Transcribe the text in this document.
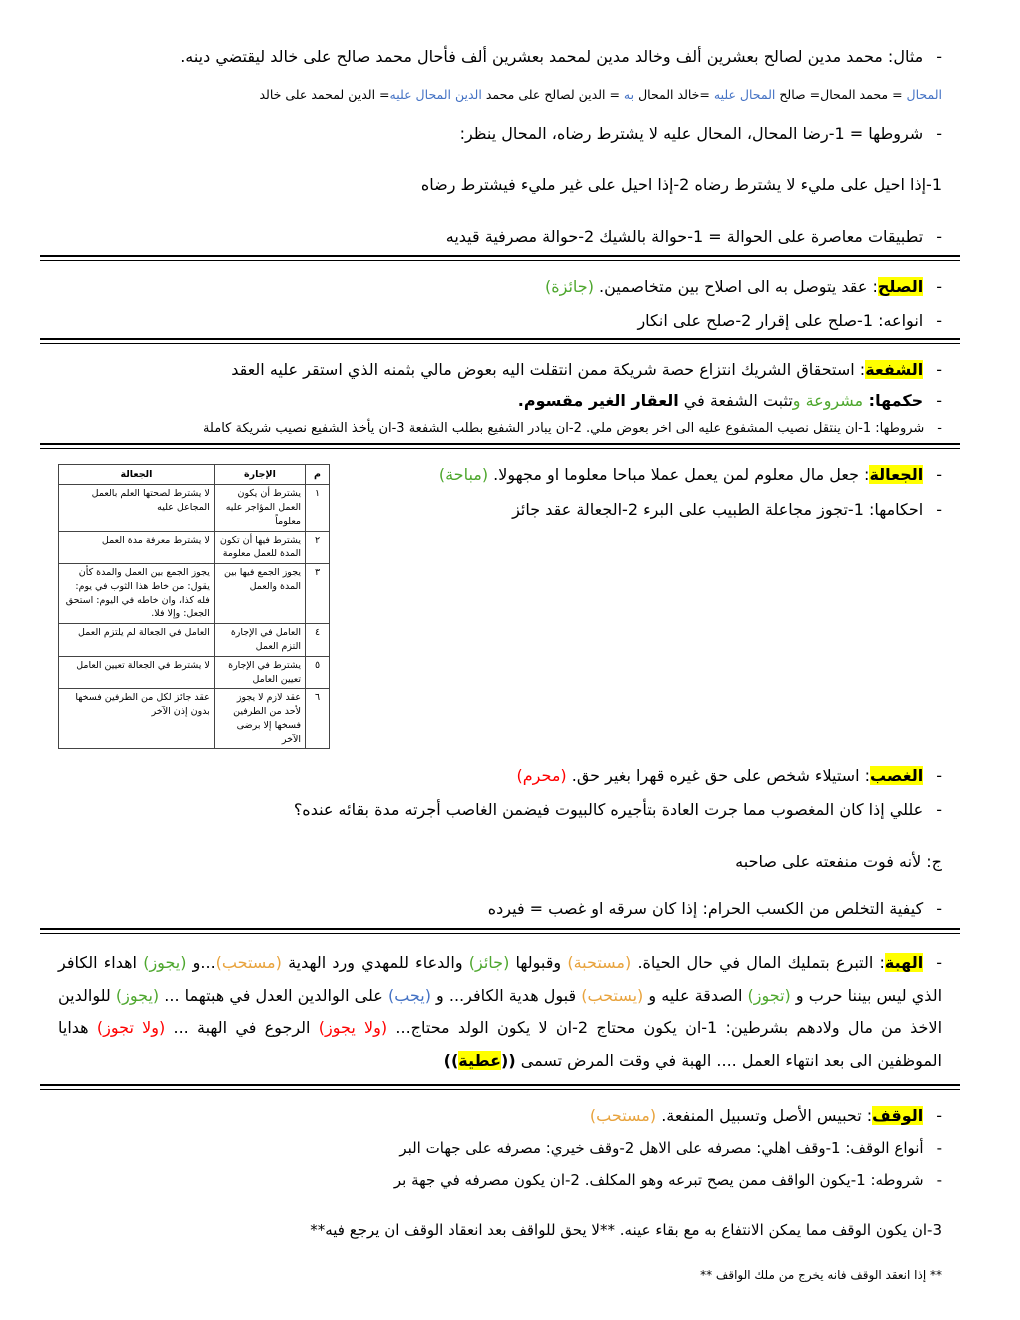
-مثال: محمد مدين لصالح بعشرين ألف وخالد مدين لمحمد بعشرين ألف فأحال محمد صالح على خالد ليقتضي دينه.

المحال = محمد المحال= صالح المحال عليه =خالد المحال به = الدين لصالح على محمد الدين المحال عليه= الدين لمحمد على خالد

-شروطها = 1-رضا المحال، المحال عليه لا يشترط رضاه، المحال ينظر:

1-إذا احيل على مليء لا يشترط رضاه 2-إذا احيل على غير مليء فيشترط رضاه

-تطبيقات معاصرة على الحوالة = 1-حوالة بالشيك 2-حوالة مصرفية قيديه

-الصلح: عقد يتوصل به الى اصلاح بين متخاصمين. (جائزة)

-انواعه: 1-صلح على إقرار 2-صلح على انكار

-الشفعة: استحقاق الشريك انتزاع حصة شريكة ممن انتقلت اليه بعوض مالي بثمنه الذي استقر عليه العقد

-حكمها: مشروعة وتثبت الشفعة في العقار الغير مقسوم.

-شروطها: 1-ان ينتقل نصيب المشفوع عليه الى اخر بعوض ملي. 2-ان يبادر الشفيع بطلب الشفعة 3-ان يأخذ الشفيع نصيب شريكة كاملة

-الجعالة: جعل مال معلوم لمن يعمل عملا مباحا معلوما او مجهولا. (مباحة)

-احكامها: 1-تجوز مجاعلة الطبيب على البرء 2-الجعالة عقد جائز

م	الإجارة	الجعالة
١	يشترط أن يكون العمل المؤاجر عليه معلوماً	لا يشترط لصحتها العلم بالعمل المجاعل عليه
٢	يشترط فيها أن تكون المدة للعمل معلومة	لا يشترط معرفة مدة العمل
٣	يجوز الجمع فيها بين المدة والعمل	يجوز الجمع بين العمل والمدة كأن يقول: من خاط هذا الثوب في يوم: فله كذا، وان خاطه في اليوم: استحق الجعل: وإلا فلا.
٤	العامل في الإجارة التزم العمل	العامل في الجعالة لم يلتزم العمل
٥	يشترط في الإجارة تعيين العامل	لا يشترط في الجعالة تعيين العامل
٦	عقد لازم لا يجوز لأحد من الطرفين فسخها إلا برضى الآخر	عقد جائز لكل من الطرفين فسخها بدون إذن الآخر

-الغصب: استيلاء شخص على حق غيره قهرا بغير حق. (محرم)

-عللي إذا كان المغصوب مما جرت العادة بتأجيره كالبيوت فيضمن الغاصب أجرته مدة بقائه عنده؟

ج: لأنه فوت منفعته على صاحبه

-كيفية التخلص من الكسب الحرام: إذا كان سرقه او غصب = فيرده

-الهبة: التبرع بتمليك المال في حال الحياة. (مستحبة) وقبولها (جائز) والدعاء للمهدي ورد الهدية (مستحب)...و (يجوز) اهداء الكافر الذي ليس بيننا حرب و (تجوز) الصدقة عليه و (يستحب) قبول هدية الكافر... و (يجب) على الوالدين العدل في هبتهما ... (يجوز) للوالدين الاخذ من مال ولادهم بشرطين: 1-ان يكون محتاج 2-ان لا يكون الولد محتاج... (ولا يجوز) الرجوع في الهبة ... (ولا تجوز) هدايا الموظفين الى بعد انتهاء العمل .... الهبة في وقت المرض تسمى ((عطية))

-الوقف: تحبيس الأصل وتسبيل المنفعة. (مستحب)

-أنواع الوقف: 1-وقف اهلي: مصرفه على الاهل 2-وقف خيري: مصرفه على جهات البر

-شروطه: 1-يكون الواقف ممن يصح تبرعه وهو المكلف. 2-ان يكون مصرفه في جهة بر

3-ان يكون الوقف مما يمكن الانتفاع به مع بقاء عينه. **لا يحق للواقف بعد انعقاد الوقف ان يرجع فيه**

** إذا انعقد الوقف فانه يخرج من ملك الواقف **
